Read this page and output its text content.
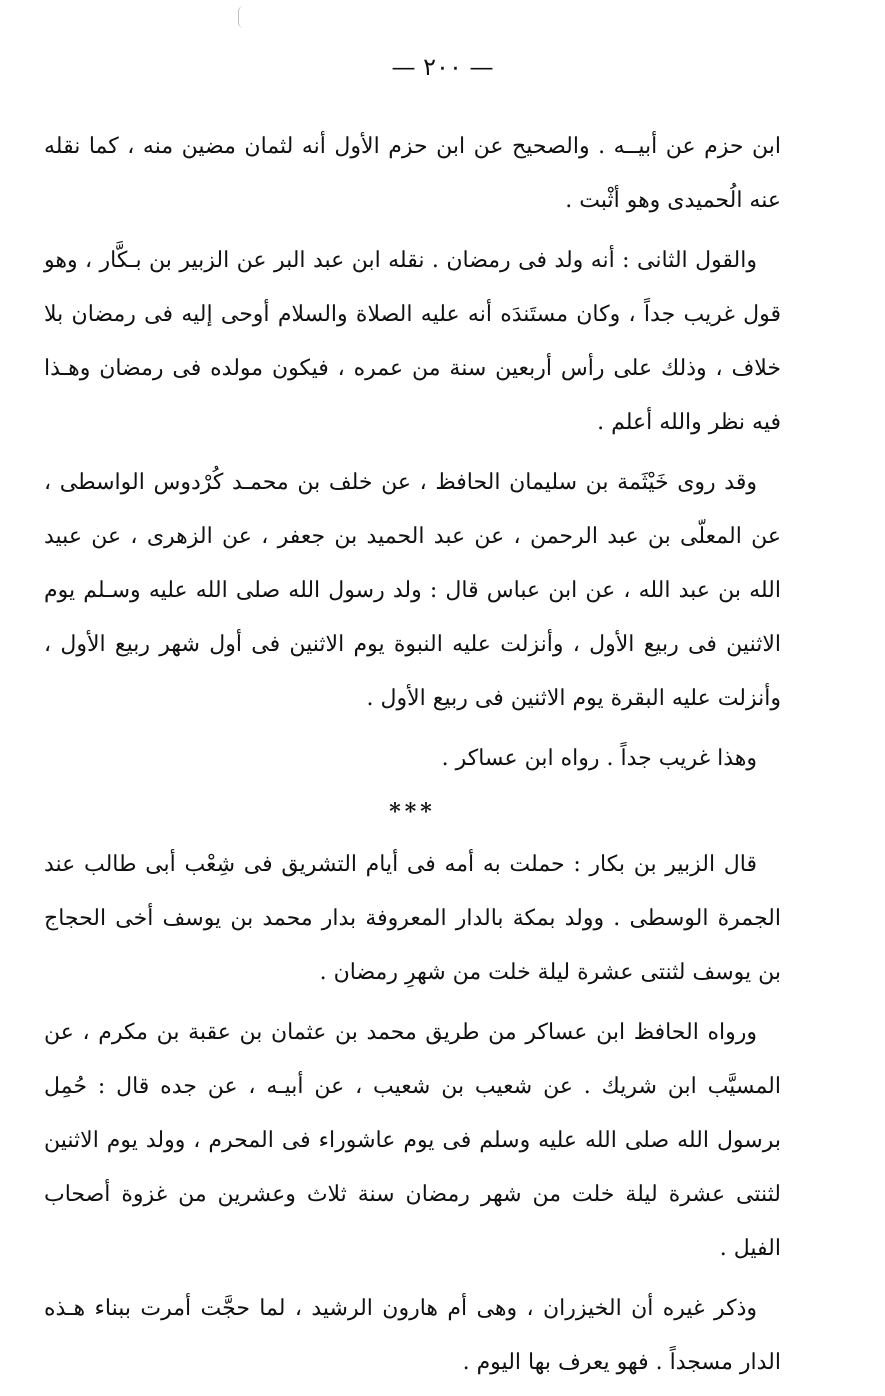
— ٢٠٠ —

ابن حزم عن أبيــه . والصحيح عن ابن حزم الأول أنه لثمان مضين منه ، كما نقله عنه الُحميدى وهو أثْبت .

والقول الثانى : أنه ولد فى رمضان . نقله ابن عبد البر عن الزبير بن بـكَّار ، وهو قول غريب جداً ، وكان مستَندَه أنه عليه الصلاة والسلام أوحى إليه فى رمضان بلا خلاف ، وذلك على رأس أربعين سنة من عمره ، فيكون مولده فى رمضان وهـذا فيه نظر والله أعلم .

وقد روى خَيْثَمة بن سليمان الحافظ ، عن خلف بن محمـد كُرْدوس الواسطى ، عن المعلّى بن عبد الرحمن ، عن عبد الحميد بن جعفر ، عن الزهرى ، عن عبيد الله بن عبد الله ، عن ابن عباس قال : ولد رسول الله صلى الله عليه وسـلم يوم الاثنين فى ربيع الأول ، وأنزلت عليه النبوة يوم الاثنين فى أول شهر ربيع الأول ، وأنزلت عليه البقرة يوم الاثنين فى ربيع الأول .

وهذا غريب جداً . رواه ابن عساكر .

***

قال الزبير بن بكار : حملت به أمه فى أيام التشريق فى شِعْب أبى طالب عند الجمرة الوسطى . وولد بمكة بالدار المعروفة بدار محمد بن يوسف أخى الحجاج بن يوسف لثنتى عشرة ليلة خلت من شهرِ رمضان .

ورواه الحافظ ابن عساكر من طريق محمد بن عثمان بن عقبة بن مكرم ، عن المسيَّب ابن شريك . عن شعيب بن شعيب ، عن أبيـه ، عن جده قال : حُمِل برسول الله صلى الله عليه وسلم فى يوم عاشوراء فى المحرم ، وولد يوم الاثنين لثنتى عشرة ليلة خلت من شهر رمضان سنة ثلاث وعشرين من غزوة أصحاب الفيل .

وذكر غيره أن الخيزران ، وهى أم هارون الرشيد ، لما حجَّت أمرت ببناء هـذه الدار مسجداً . فهو يعرف بها اليوم .
